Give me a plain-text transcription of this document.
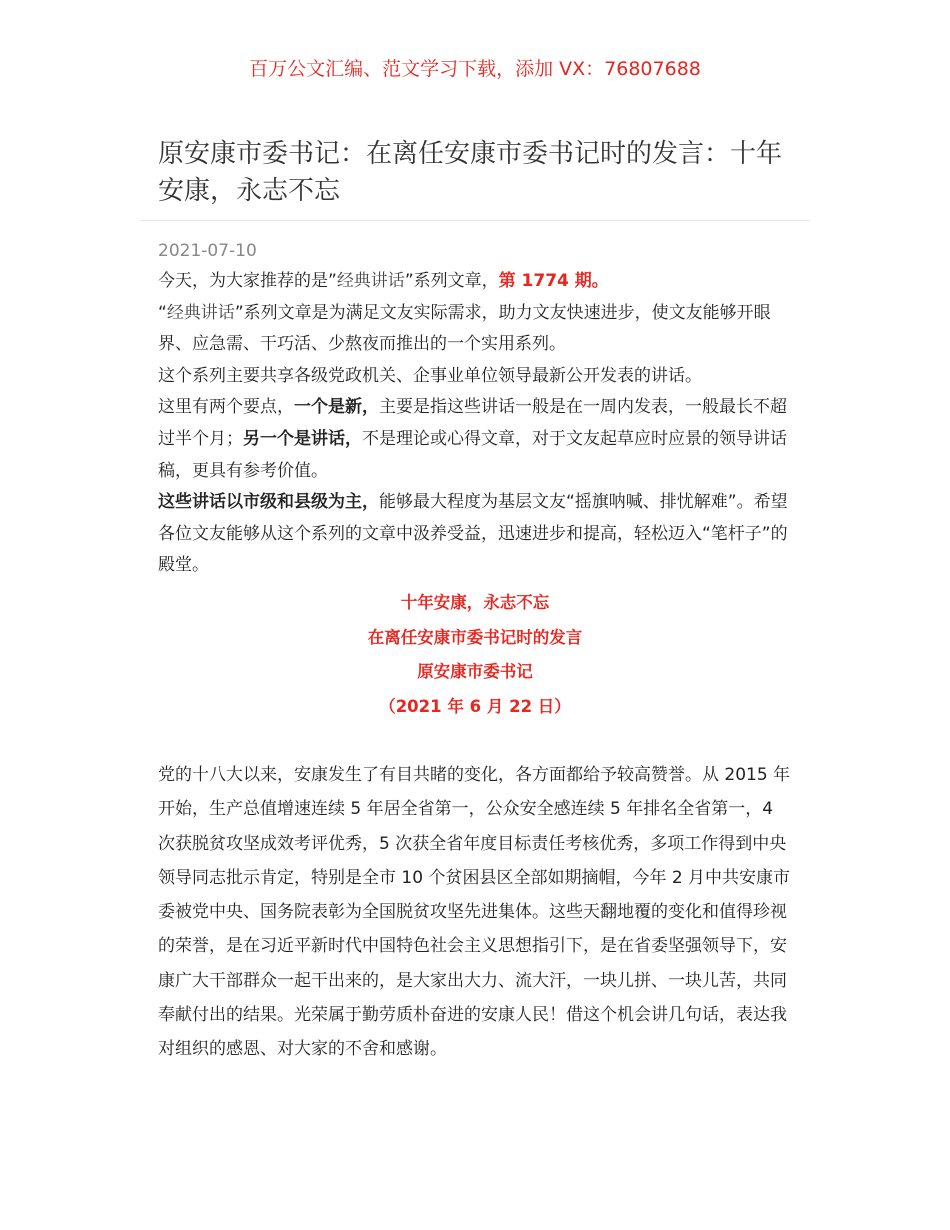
百万公文汇编、范文学习下载，添加 VX：76807688
原安康市委书记：在离任安康市委书记时的发言：十年安康，永志不忘
2021-07-10

今天，为大家推荐的是”经典讲话”系列文章，第 1774 期。

“经典讲话”系列文章是为满足文友实际需求，助力文友快速进步，使文友能够开眼界、应急需、干巧活、少熬夜而推出的一个实用系列。

这个系列主要共享各级党政机关、企事业单位领导最新公开发表的讲话。

这里有两个要点，一个是新，主要是指这些讲话一般是在一周内发表，一般最长不超过半个月；另一个是讲话，不是理论或心得文章，对于文友起草应时应景的领导讲话稿，更具有参考价值。

这些讲话以市级和县级为主，能够最大程度为基层文友“摇旗呐喊、排忧解难”。希望各位文友能够从这个系列的文章中汲养受益，迅速进步和提高，轻松迈入“笔杆子”的殿堂。

十年安康，永志不忘
在离任安康市委书记时的发言
原安康市委书记
（2021 年 6 月 22 日）

党的十八大以来，安康发生了有目共睹的变化，各方面都给予较高赞誉。从 2015 年开始，生产总值增速连续 5 年居全省第一，公众安全感连续 5 年排名全省第一，4 次获脱贫攻坚成效考评优秀，5 次获全省年度目标责任考核优秀，多项工作得到中央领导同志批示肯定，特别是全市 10 个贫困县区全部如期摘帽，今年 2 月中共安康市委被党中央、国务院表彰为全国脱贫攻坚先进集体。这些天翻地覆的变化和值得珍视的荣誉，是在习近平新时代中国特色社会主义思想指引下，是在省委坚强领导下，安康广大干部群众一起干出来的，是大家出大力、流大汗，一块儿拼、一块儿苦，共同奉献付出的结果。光荣属于勤劳质朴奋进的安康人民！借这个机会讲几句话，表达我对组织的感恩、对大家的不舍和感谢。
